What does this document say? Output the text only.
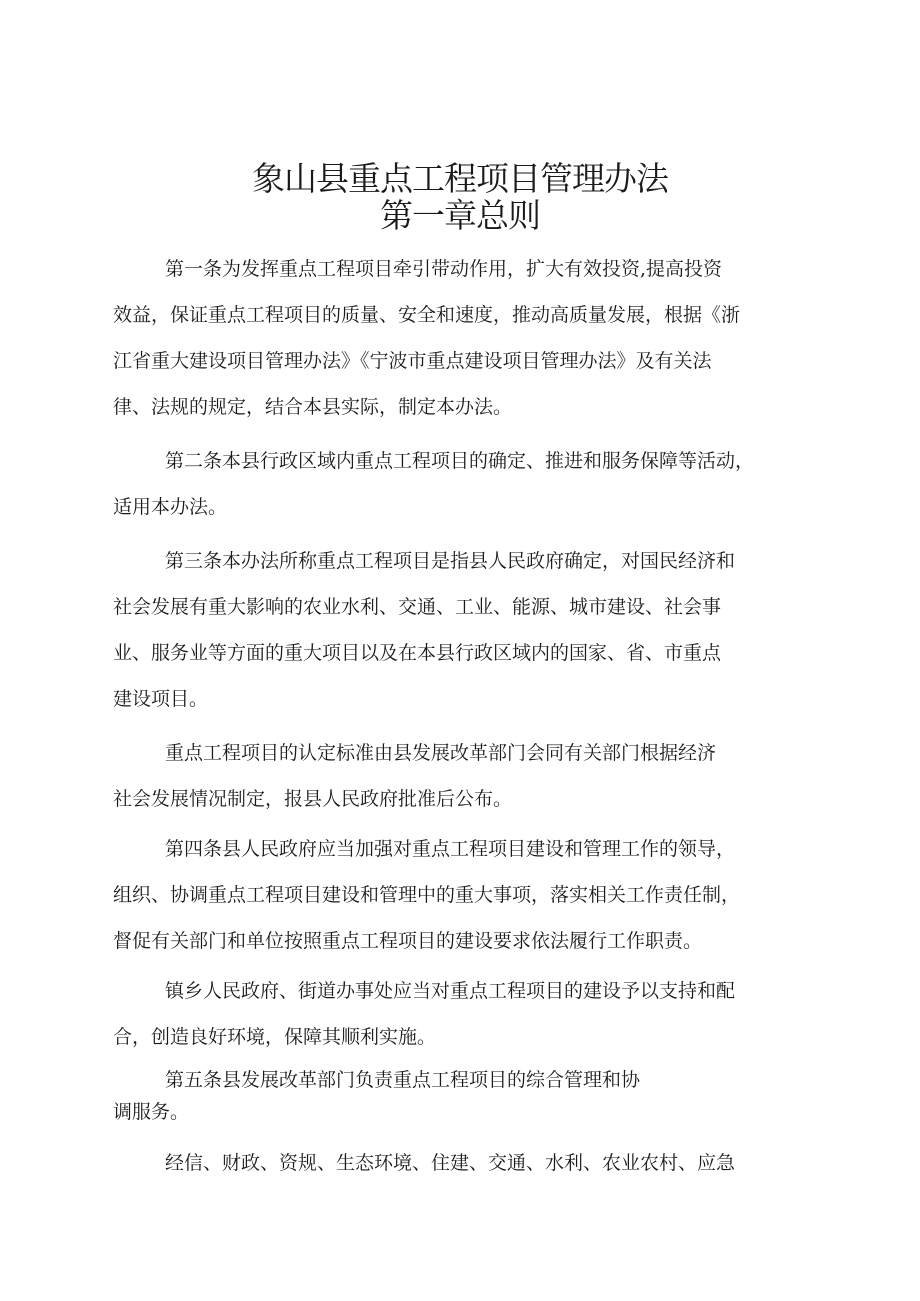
象山县重点工程项目管理办法
第一章总则
第一条为发挥重点工程项目牵引带动作用，扩大有效投资,提高投资
效益，保证重点工程项目的质量、安全和速度，推动高质量发展，根据《浙
江省重大建设项目管理办法》《宁波市重点建设项目管理办法》及有关法
律、法规的规定，结合本县实际，制定本办法。
第二条本县行政区域内重点工程项目的确定、推进和服务保障等活动，
适用本办法。
第三条本办法所称重点工程项目是指县人民政府确定，对国民经济和
社会发展有重大影响的农业水利、交通、工业、能源、城市建设、社会事
业、服务业等方面的重大项目以及在本县行政区域内的国家、省、市重点
建设项目。
重点工程项目的认定标准由县发展改革部门会同有关部门根据经济
社会发展情况制定，报县人民政府批准后公布。
第四条县人民政府应当加强对重点工程项目建设和管理工作的领导，
组织、协调重点工程项目建设和管理中的重大事项，落实相关工作责任制，
督促有关部门和单位按照重点工程项目的建设要求依法履行工作职责。
镇乡人民政府、街道办事处应当对重点工程项目的建设予以支持和配
合，创造良好环境，保障其顺利实施。
第五条县发展改革部门负责重点工程项目的综合管理和协
调服务。
经信、财政、资规、生态环境、住建、交通、水利、农业农村、应急
